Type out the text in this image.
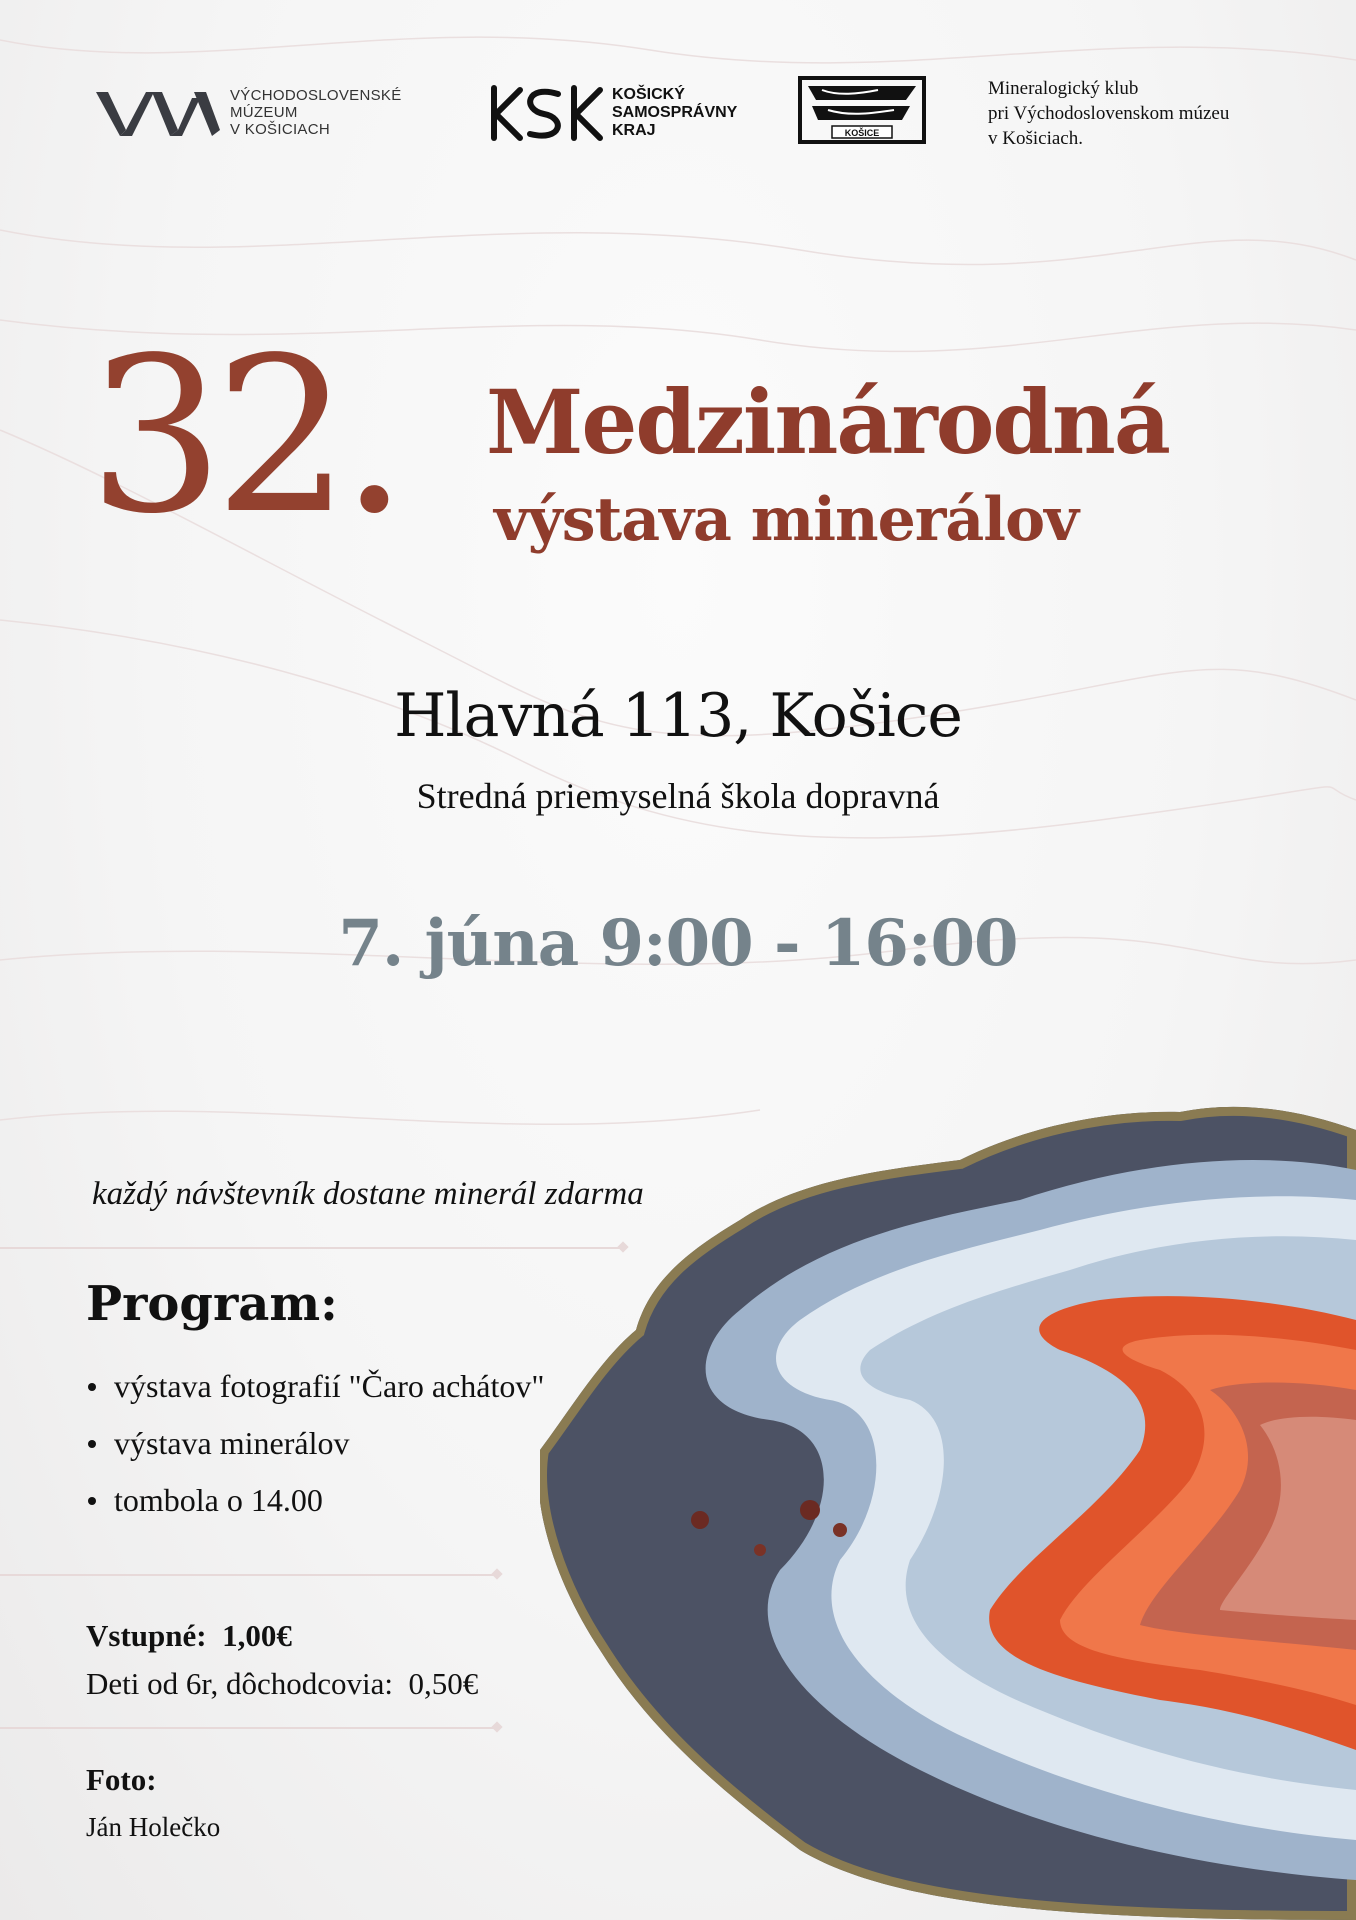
VÝCHODOSLOVENSKÉ
MÚZEUM
V KOŠICIACH
KOŠICKÝ
SAMOSPRÁVNY
KRAJ	KOŠICE
Mineralogický klub
pri Východoslovenskom múzeu
v Košiciach.
32. Medzinárodná
výstava minerálov
Hlavná 113, Košice
Stredná priemyselná škola dopravná
7. júna 9:00 - 16:00
každý návštevník dostane minerál zdarma
Program:
výstava fotografií "Čaro achátov"
výstava minerálov
tombola o 14.00
Vstupné: 1,00€
Deti od 6r, dôchodcovia: 0,50€
Foto:
Ján Holečko
